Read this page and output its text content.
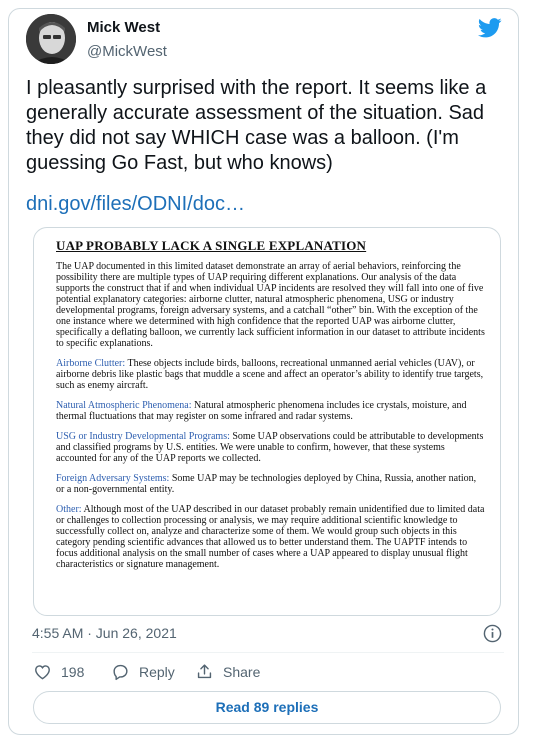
Mick West
@MickWest
I pleasantly surprised with the report. It seems like a generally accurate assessment of the situation. Sad they did not say WHICH case was a balloon. (I'm guessing Go Fast, but who knows)
dni.gov/files/ODNI/doc…
UAP PROBABLY LACK A SINGLE EXPLANATION

The UAP documented in this limited dataset demonstrate an array of aerial behaviors, reinforcing the possibility there are multiple types of UAP requiring different explanations. Our analysis of the data supports the construct that if and when individual UAP incidents are resolved they will fall into one of five potential explanatory categories: airborne clutter, natural atmospheric phenomena, USG or industry developmental programs, foreign adversary systems, and a catchall “other” bin. With the exception of the one instance where we determined with high confidence that the reported UAP was airborne clutter, specifically a deflating balloon, we currently lack sufficient information in our dataset to attribute incidents to specific explanations.

Airborne Clutter: These objects include birds, balloons, recreational unmanned aerial vehicles (UAV), or airborne debris like plastic bags that muddle a scene and affect an operator’s ability to identify true targets, such as enemy aircraft.

Natural Atmospheric Phenomena: Natural atmospheric phenomena includes ice crystals, moisture, and thermal fluctuations that may register on some infrared and radar systems.

USG or Industry Developmental Programs: Some UAP observations could be attributable to developments and classified programs by U.S. entities. We were unable to confirm, however, that these systems accounted for any of the UAP reports we collected.

Foreign Adversary Systems: Some UAP may be technologies deployed by China, Russia, another nation, or a non-governmental entity.

Other: Although most of the UAP described in our dataset probably remain unidentified due to limited data or challenges to collection processing or analysis, we may require additional scientific knowledge to successfully collect on, analyze and characterize some of them. We would group such objects in this category pending scientific advances that allowed us to better understand them. The UAPTF intends to focus additional analysis on the small number of cases where a UAP appeared to display unusual flight characteristics or signature management.

4:55 AM · Jun 26, 2021
198	Reply	Share
Read 89 replies
